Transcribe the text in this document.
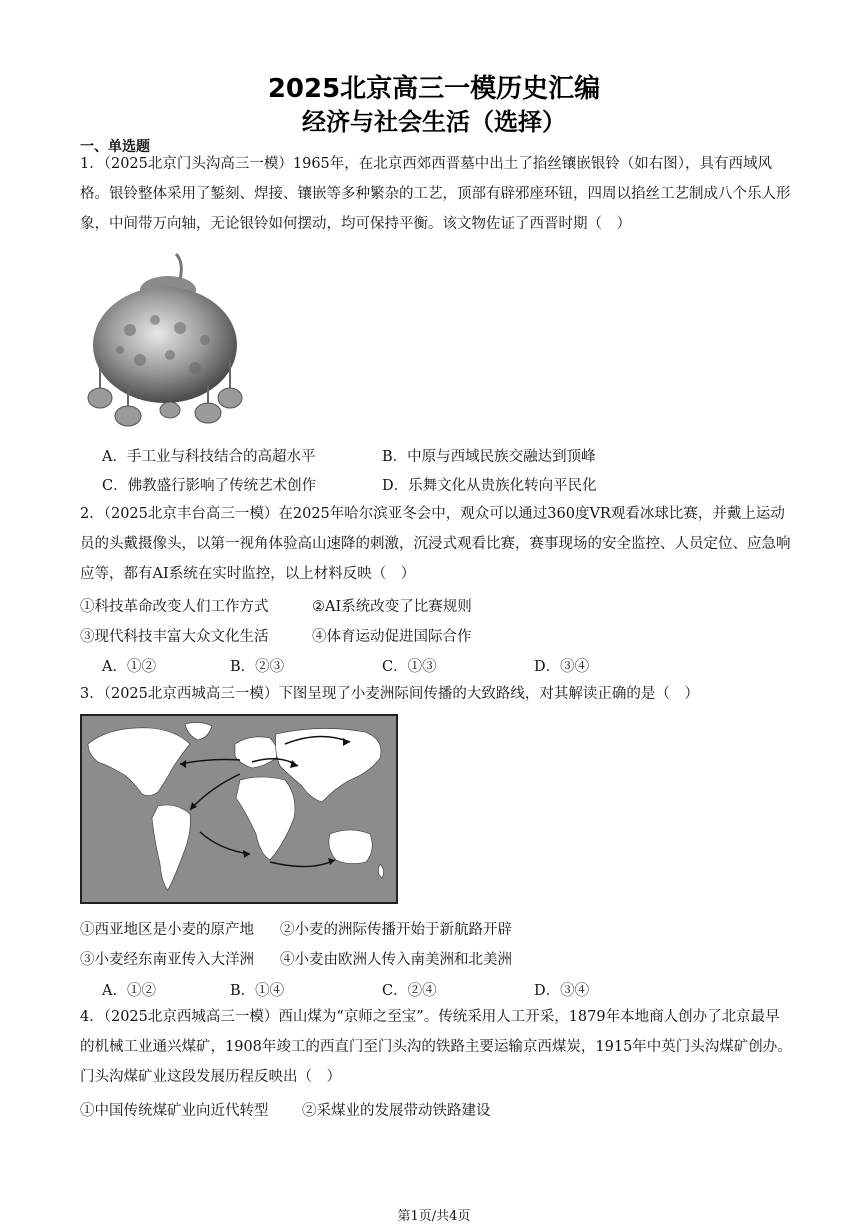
2025北京高三一模历史汇编
经济与社会生活（选择）
一、单选题

1．（2025北京门头沟高三一模）1965年，在北京西郊西晋墓中出土了掐丝镶嵌银铃（如右图），具有西域风格。银铃整体采用了錾刻、焊接、镶嵌等多种繁杂的工艺，顶部有辟邪座环钮，四周以掐丝工艺制成八个乐人形象，中间带万向轴，无论银铃如何摆动，均可保持平衡。该文物佐证了西晋时期（　）

A．手工业与科技结合的高超水平	B．中原与西域民族交融达到顶峰
C．佛教盛行影响了传统艺术创作	D．乐舞文化从贵族化转向平民化

2．（2025北京丰台高三一模）在2025年哈尔滨亚冬会中，观众可以通过360度VR观看冰球比赛，并戴上运动员的头戴摄像头，以第一视角体验高山速降的刺激，沉浸式观看比赛，赛事现场的安全监控、人员定位、应急响应等，都有AI系统在实时监控，以上材料反映（　）

①科技革命改变人们工作方式	②AI系统改变了比赛规则
③现代科技丰富大众文化生活	④体育运动促进国际合作
A．①②	B．②③	C．①③	D．③④

3．（2025北京西城高三一模）下图呈现了小麦洲际间传播的大致路线，对其解读正确的是（　）

①西亚地区是小麦的原产地 ②小麦的洲际传播开始于新航路开辟
③小麦经东南亚传入大洋洲 ④小麦由欧洲人传入南美洲和北美洲
A．①②	B．①④	C．②④	D．③④

4．（2025北京西城高三一模）西山煤为“京师之至宝”。传统采用人工开采，1879年本地商人创办了北京最早的机械工业通兴煤矿，1908年竣工的西直门至门头沟的铁路主要运输京西煤炭，1915年中英门头沟煤矿创办。门头沟煤矿业这段发展历程反映出（　）

①中国传统煤矿业向近代转型 ②采煤业的发展带动铁路建设
第1页/共4页
